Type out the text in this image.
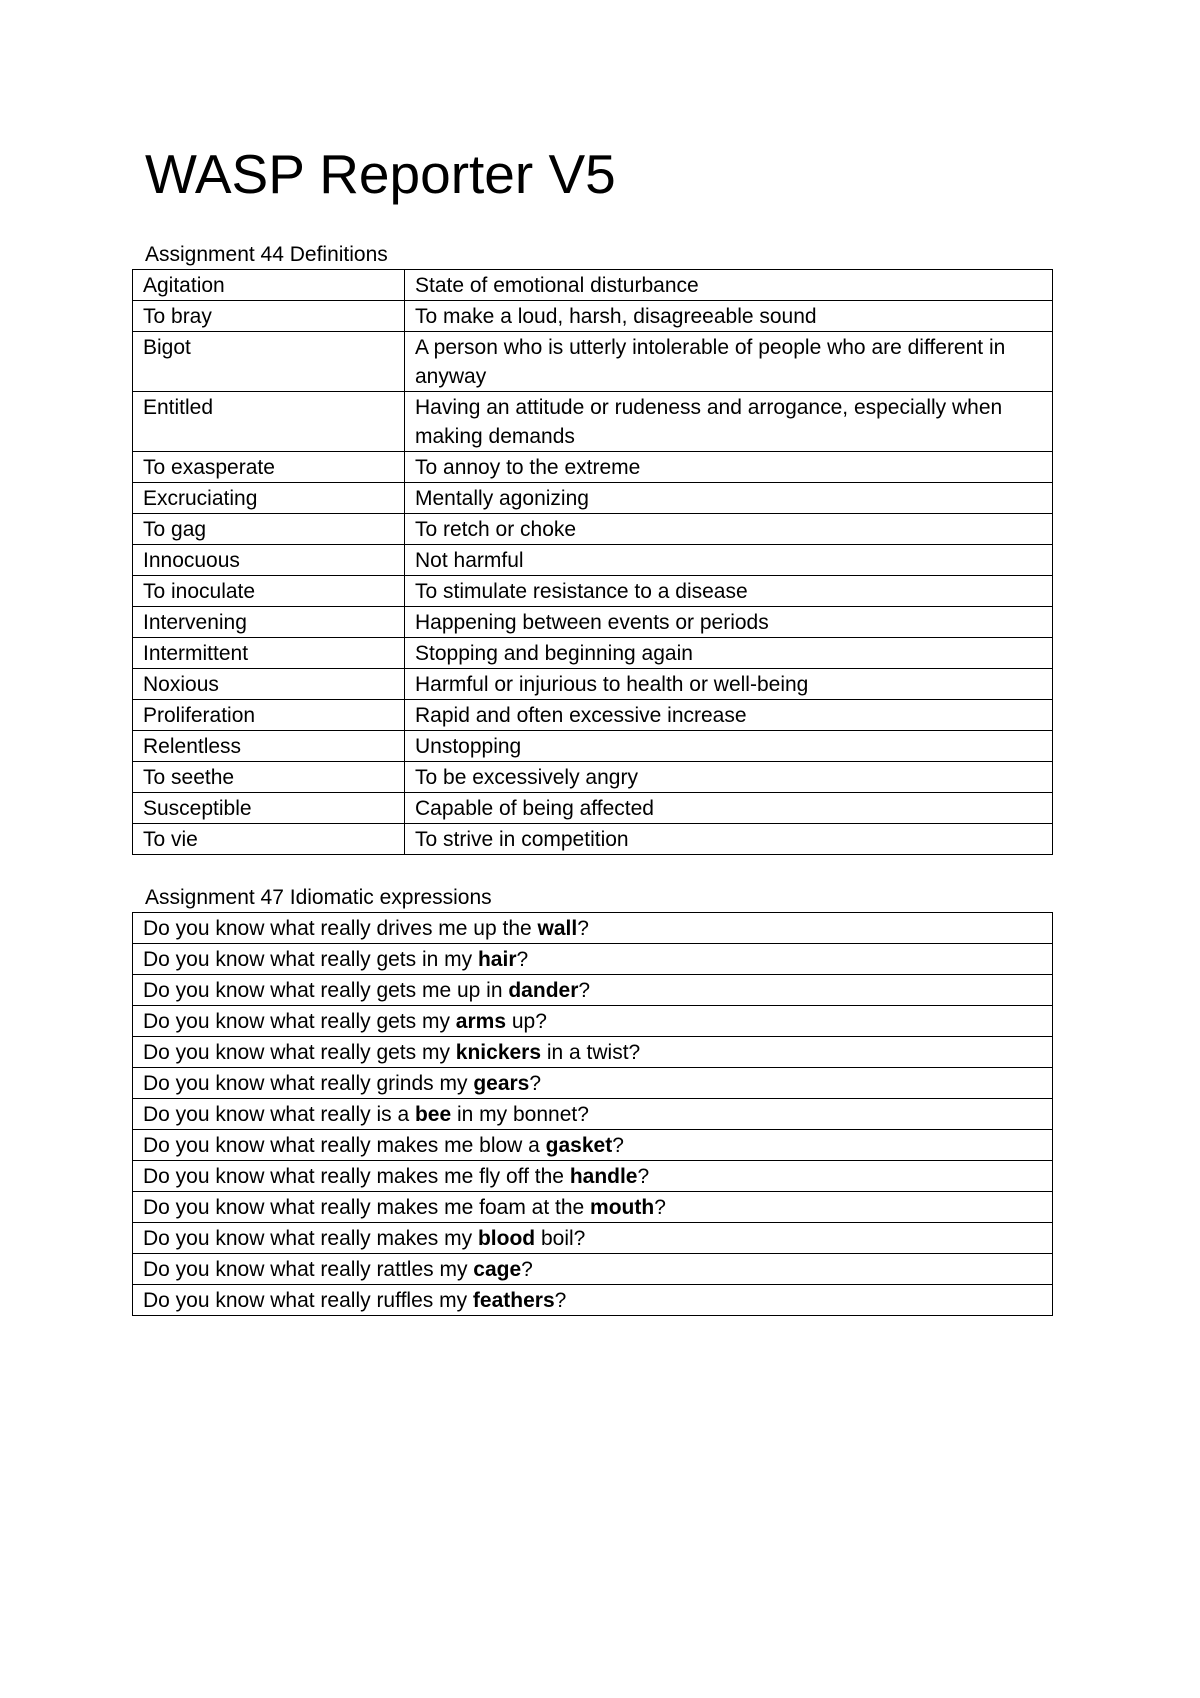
WASP Reporter V5
Assignment 44 Definitions
Agitation	State of emotional disturbance
To bray	To make a loud, harsh, disagreeable sound
Bigot	A person who is utterly intolerable of people who are different in anyway
Entitled	Having an attitude or rudeness and arrogance, especially when making demands
To exasperate	To annoy to the extreme
Excruciating	Mentally agonizing
To gag	To retch or choke
Innocuous	Not harmful
To inoculate	To stimulate resistance to a disease
Intervening	Happening between events or periods
Intermittent	Stopping and beginning again
Noxious	Harmful or injurious to health or well-being
Proliferation	Rapid and often excessive increase
Relentless	Unstopping
To seethe	To be excessively angry
Susceptible	Capable of being affected
To vie	To strive in competition
Assignment 47 Idiomatic expressions
Do you know what really drives me up the wall?
Do you know what really gets in my hair?
Do you know what really gets me up in dander?
Do you know what really gets my arms up?
Do you know what really gets my knickers in a twist?
Do you know what really grinds my gears?
Do you know what really is a bee in my bonnet?
Do you know what really makes me blow a gasket?
Do you know what really makes me fly off the handle?
Do you know what really makes me foam at the mouth?
Do you know what really makes my blood boil?
Do you know what really rattles my cage?
Do you know what really ruffles my feathers?
